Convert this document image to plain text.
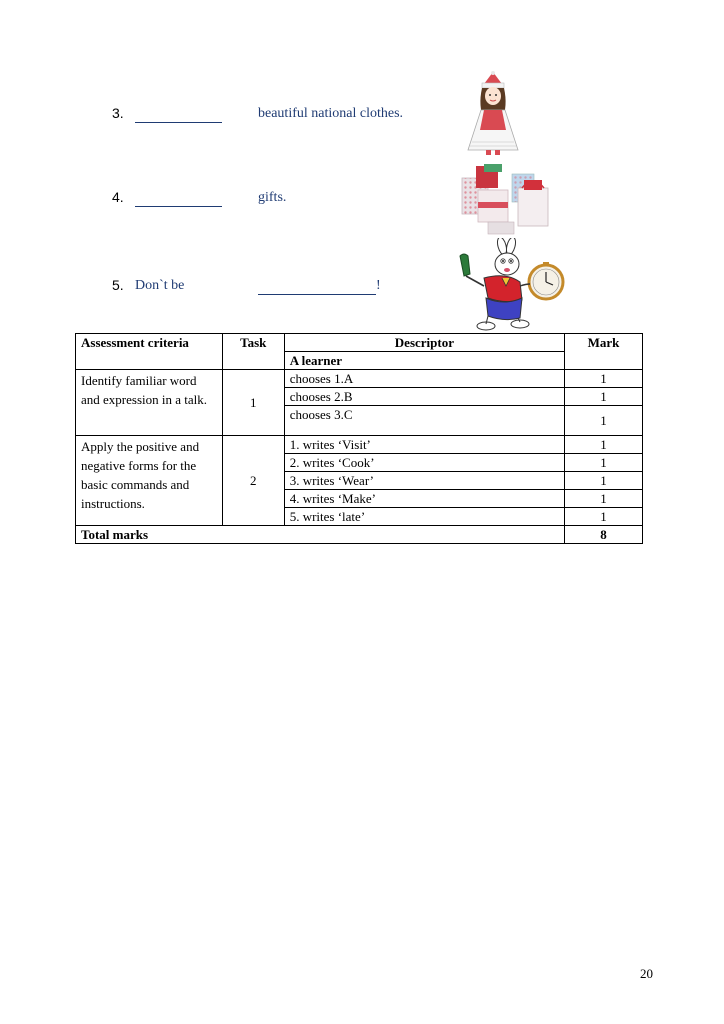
3.	beautiful national clothes.
4.	gifts.
5. Don`t be	!
Assessment criteria	Task	Descriptor	Mark
		A learner	
Identify familiar word and expression in a talk.	1	chooses 1.A	1
		chooses 2.B	1
		chooses 3.C	1
Apply the positive and negative forms for the basic commands and instructions.	2	1. writes ‘Visit’	1
		2. writes ‘Cook’	1
		3. writes ‘Wear’	1
		4. writes ‘Make’	1
		5. writes ‘late’	1
Total marks			8
20
